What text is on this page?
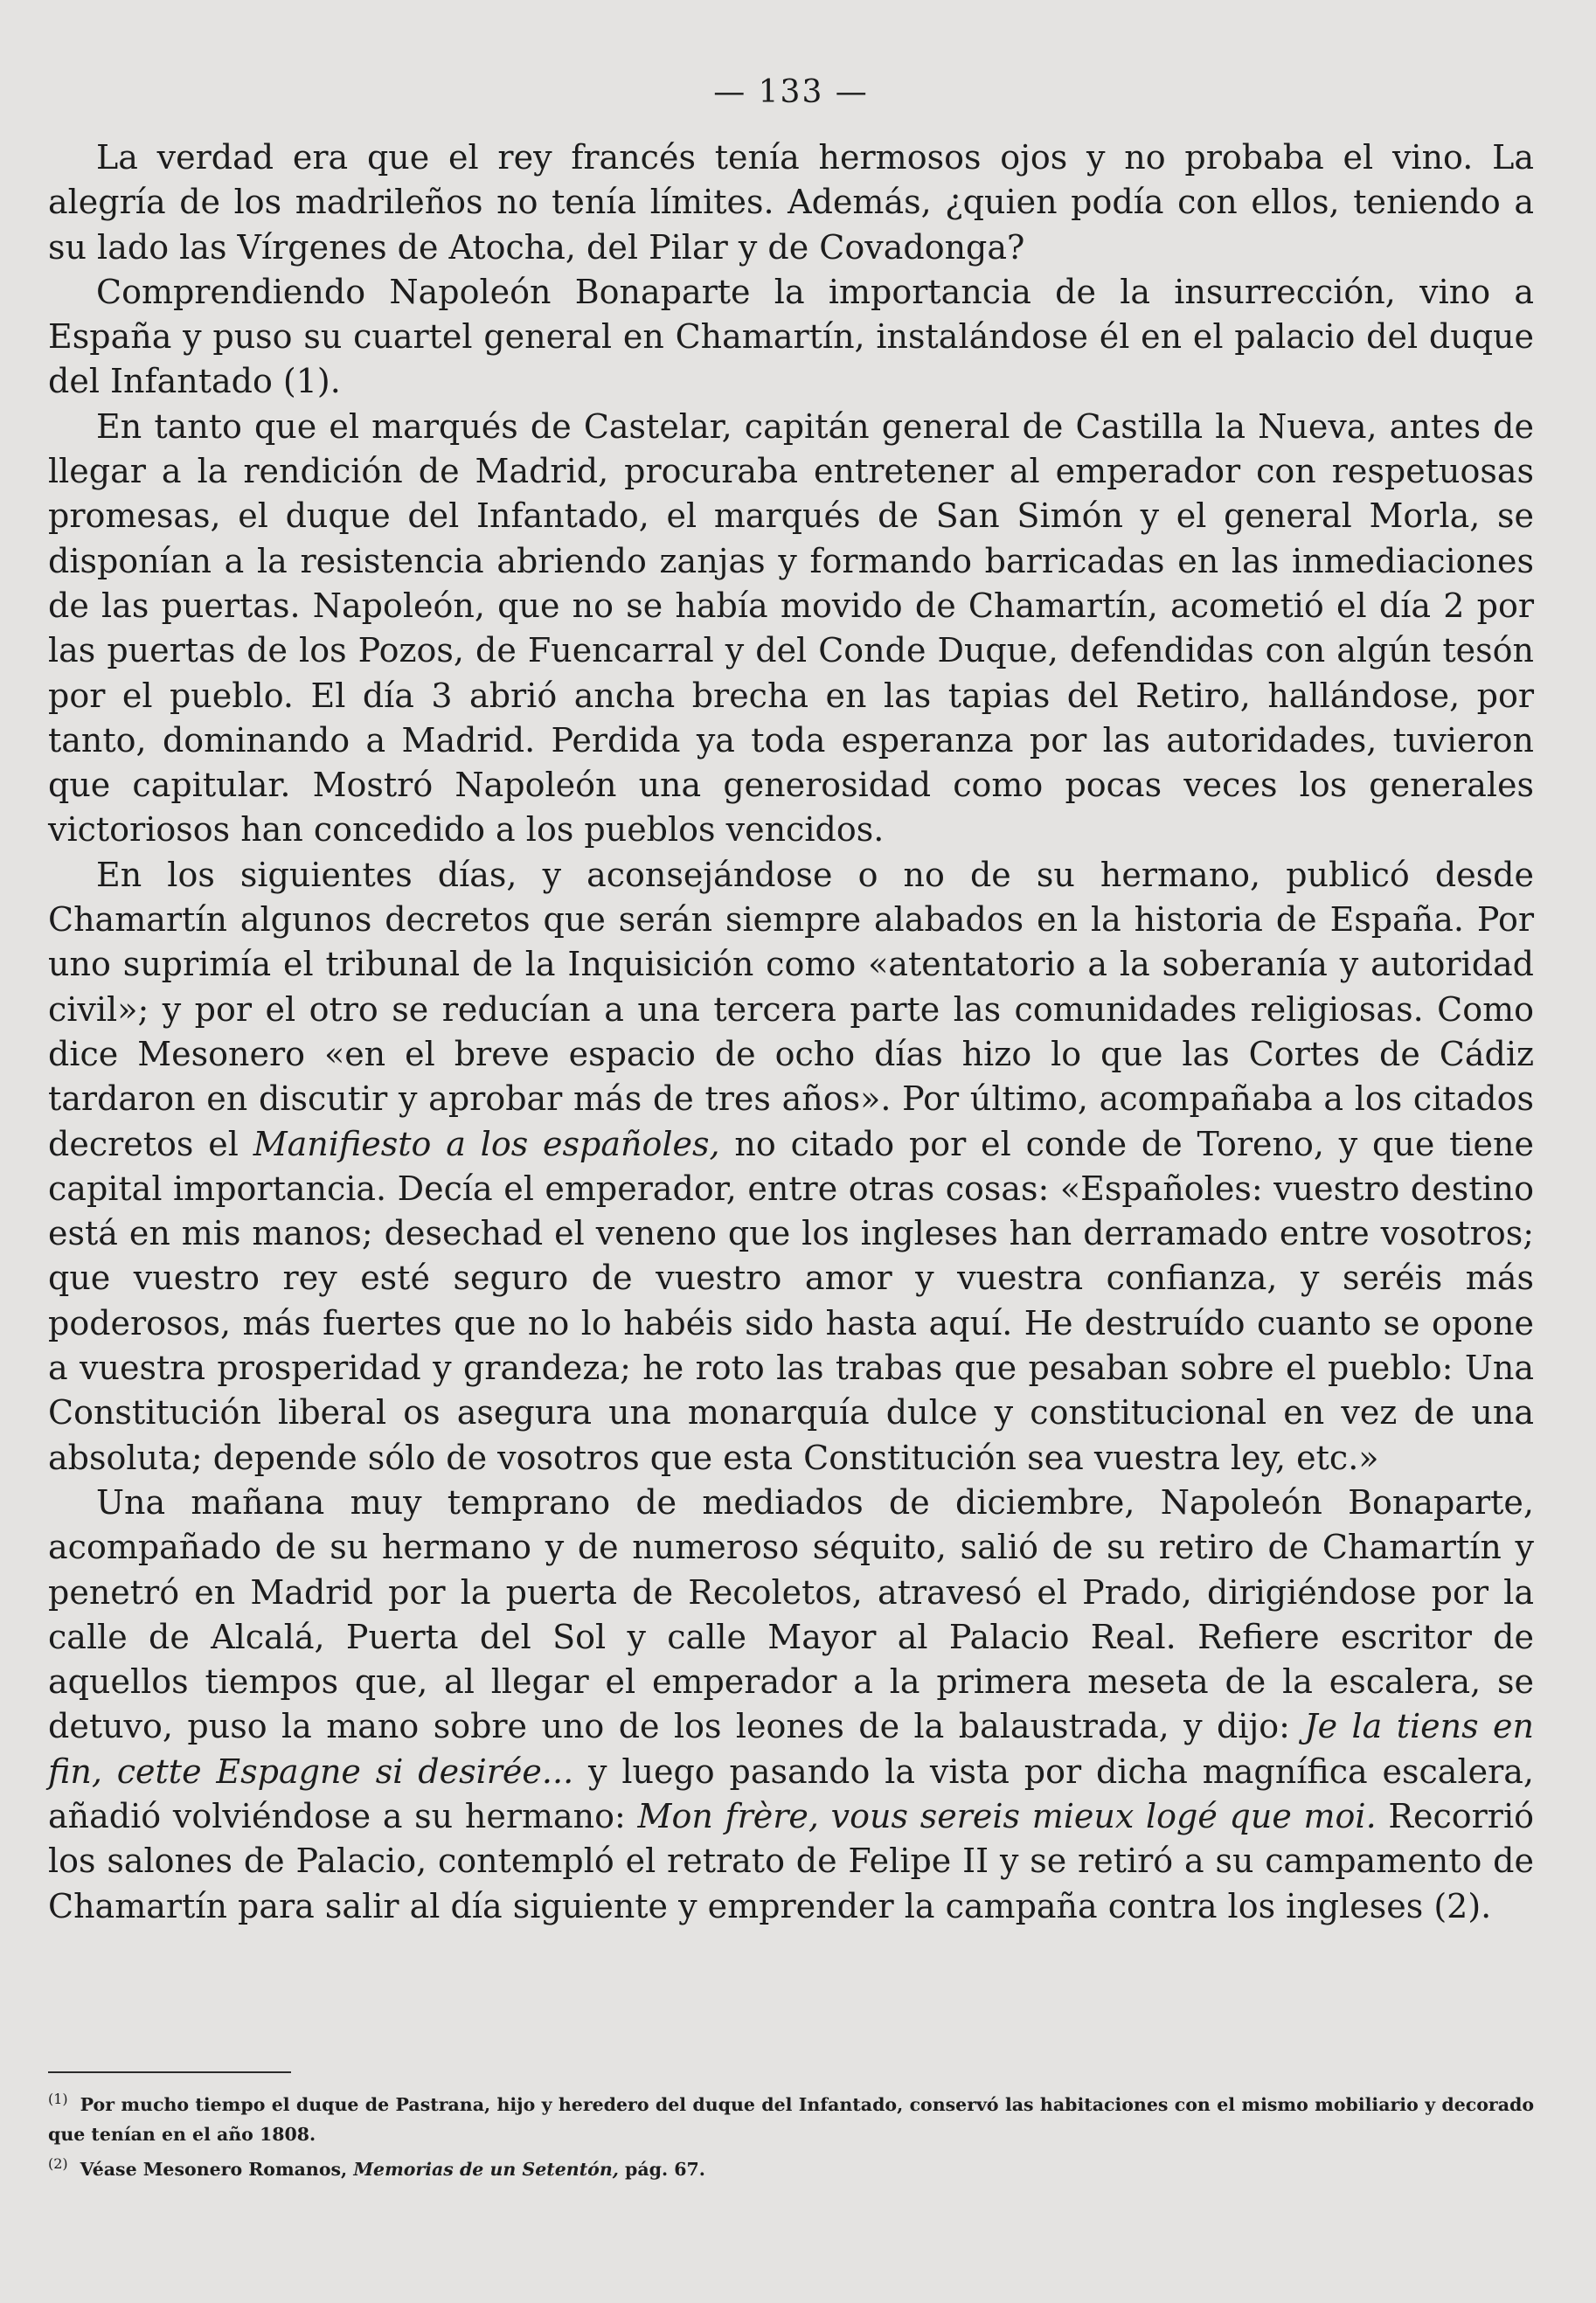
— 133 —

La verdad era que el rey francés tenía hermosos ojos y no probaba el vino. La alegría de los madrileños no tenía límites. Además, ¿quien podía con ellos, teniendo a su lado las Vírgenes de Atocha, del Pilar y de Covadonga?

Comprendiendo Napoleón Bonaparte la importancia de la insurrección, vino a España y puso su cuartel general en Chamartín, instalándose él en el palacio del duque del Infantado (1).

En tanto que el marqués de Castelar, capitán general de Castilla la Nueva, antes de llegar a la rendición de Madrid, procuraba entretener al emperador con respetuosas promesas, el duque del Infantado, el marqués de San Simón y el general Morla, se disponían a la resistencia abriendo zanjas y formando barricadas en las inmediaciones de las puertas. Napoleón, que no se había movido de Chamartín, acometió el día 2 por las puertas de los Pozos, de Fuencarral y del Conde Duque, defendidas con algún tesón por el pueblo. El día 3 abrió ancha brecha en las tapias del Retiro, hallándose, por tanto, dominando a Madrid. Perdida ya toda esperanza por las autoridades, tuvieron que capitular. Mostró Napoleón una generosidad como pocas veces los generales victoriosos han concedido a los pueblos vencidos.

En los siguientes días, y aconsejándose o no de su hermano, publicó desde Chamartín algunos decretos que serán siempre alabados en la historia de España. Por uno suprimía el tribunal de la Inquisición como «atentatorio a la soberanía y autoridad civil»; y por el otro se reducían a una tercera parte las comunidades religiosas. Como dice Mesonero «en el breve espacio de ocho días hizo lo que las Cortes de Cádiz tardaron en discutir y aprobar más de tres años». Por último, acompañaba a los citados decretos el Manifiesto a los españoles, no citado por el conde de Toreno, y que tiene capital importancia. Decía el emperador, entre otras cosas: «Españoles: vuestro destino está en mis manos; desechad el veneno que los ingleses han derramado entre vosotros; que vuestro rey esté seguro de vuestro amor y vuestra confianza, y seréis más poderosos, más fuertes que no lo habéis sido hasta aquí. He destruído cuanto se opone a vuestra prosperidad y grandeza; he roto las trabas que pesaban sobre el pueblo: Una Constitución liberal os asegura una monarquía dulce y constitucional en vez de una absoluta; depende sólo de vosotros que esta Constitución sea vuestra ley, etc.»

Una mañana muy temprano de mediados de diciembre, Napoleón Bonaparte, acompañado de su hermano y de numeroso séquito, salió de su retiro de Chamartín y penetró en Madrid por la puerta de Recoletos, atravesó el Prado, dirigiéndose por la calle de Alcalá, Puerta del Sol y calle Mayor al Palacio Real. Refiere escritor de aquellos tiempos que, al llegar el emperador a la primera meseta de la escalera, se detuvo, puso la mano sobre uno de los leones de la balaustrada, y dijo: Je la tiens en fin, cette Espagne si desirée... y luego pasando la vista por dicha magnífica escalera, añadió volviéndose a su hermano: Mon frère, vous sereis mieux logé que moi. Recorrió los salones de Palacio, contempló el retrato de Felipe II y se retiró a su campamento de Chamartín para salir al día siguiente y emprender la campaña contra los ingleses (2).

$^{(1)}$ Por mucho tiempo el duque de Pastrana, hijo y heredero del duque del Infantado, conservó las habitaciones con el mismo mobiliario y decorado que tenían en el año 1808.

$^{(2)}$ Véase Mesonero Romanos, Memorias de un Setentón, pág. 67.
